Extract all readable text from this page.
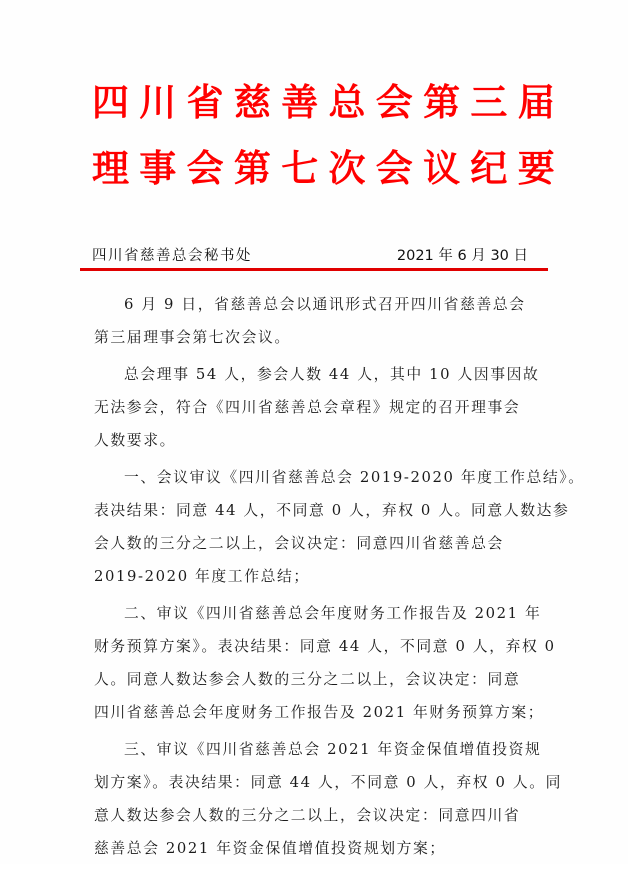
四川省慈善总会第三届
理事会第七次会议纪要
四川省慈善总会秘书处	2021 年 6 月 30 日

6 月 9 日，省慈善总会以通讯形式召开四川省慈善总会
第三届理事会第七次会议。

总会理事 54 人，参会人数 44 人，其中 10 人因事因故
无法参会，符合《四川省慈善总会章程》规定的召开理事会
人数要求。

一、会议审议《四川省慈善总会 2019-2020 年度工作总结》。
表决结果：同意 44 人，不同意 0 人，弃权 0 人。同意人数达参
会人数的三分之二以上，会议决定：同意四川省慈善总会
2019-2020 年度工作总结；

二、审议《四川省慈善总会年度财务工作报告及 2021 年
财务预算方案》。表决结果：同意 44 人，不同意 0 人，弃权 0
人。同意人数达参会人数的三分之二以上，会议决定：同意
四川省慈善总会年度财务工作报告及 2021 年财务预算方案；

三、审议《四川省慈善总会 2021 年资金保值增值投资规
划方案》。表决结果：同意 44 人，不同意 0 人，弃权 0 人。同
意人数达参会人数的三分之二以上，会议决定：同意四川省
慈善总会 2021 年资金保值增值投资规划方案；
